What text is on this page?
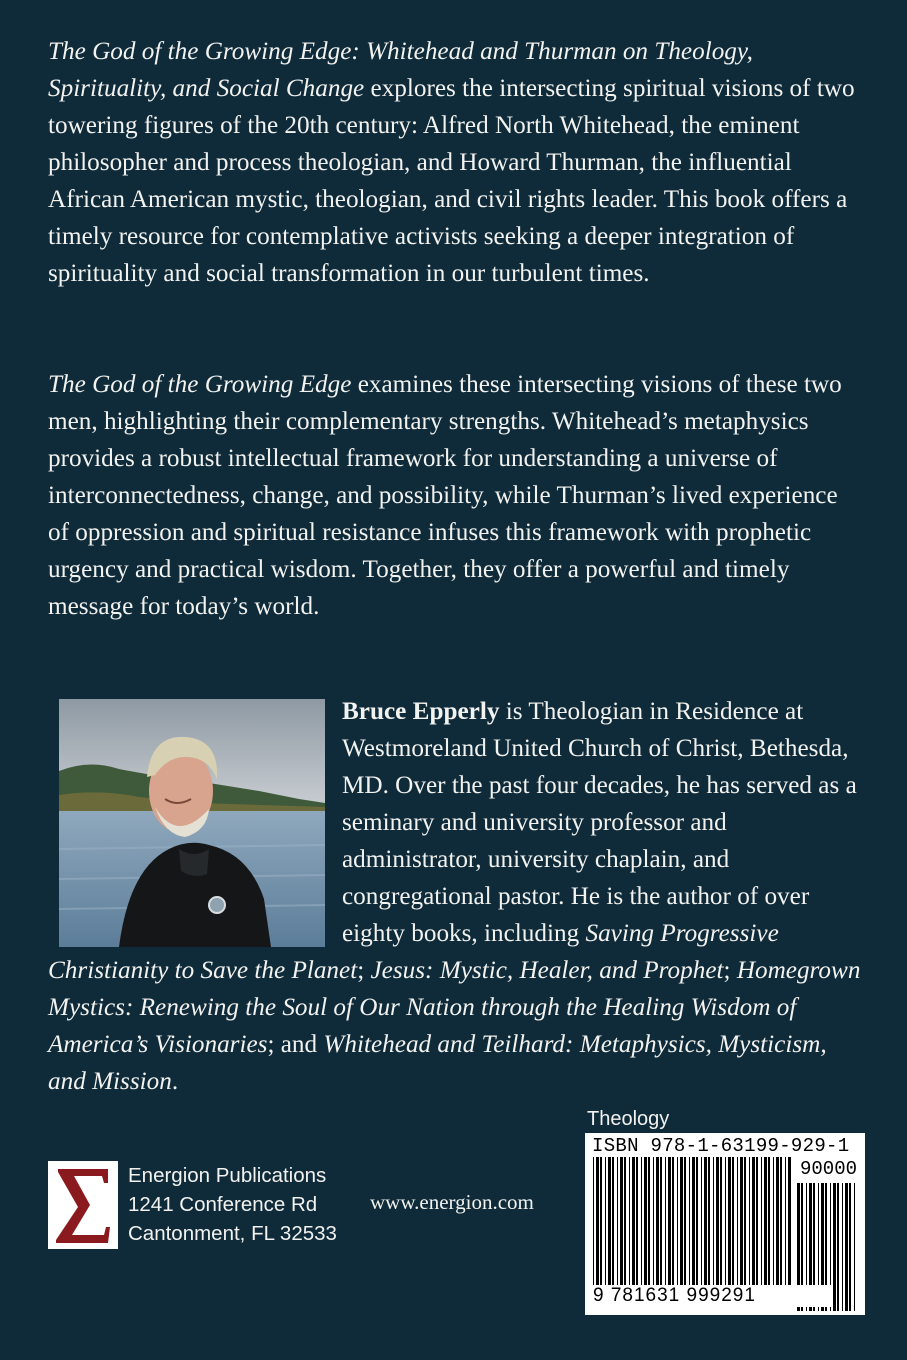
The God of the Growing Edge: Whitehead and Thurman on Theology, Spirituality, and Social Change explores the intersecting spiritual visions of two towering figures of the 20th century: Alfred North Whitehead, the eminent philosopher and process theologian, and Howard Thurman, the influential African American mystic, theologian, and civil rights leader. This book offers a timely resource for contemplative activists seeking a deeper integration of spirituality and social transformation in our turbulent times.

The God of the Growing Edge examines these intersecting visions of these two men, highlighting their complementary strengths. Whitehead’s metaphysics provides a robust intellectual framework for understanding a universe of interconnectedness, change, and possibility, while Thurman’s lived experience of oppression and spiritual resistance infuses this framework with prophetic urgency and practical wisdom. Together, they offer a powerful and timely message for today’s world.

Bruce Epperly is Theologian in Residence at Westmoreland United Church of Christ, Bethesda, MD. Over the past four decades, he has served as a seminary and university professor and administrator, university chaplain, and congregational pastor. He is the author of over eighty books, including Saving Progressive Christianity to Save the Planet; Jesus: Mystic, Healer, and Prophet; Homegrown Mystics: Renewing the Soul of Our Nation through the Healing Wisdom of America’s Visionaries; and Whitehead and Teilhard: Metaphysics, Mysticism, and Mission.

Energion Publications
1241 Conference Rd
Cantonment, FL 32533
www.energion.com
Theology
ISBN 978-1-63199-929-1
90000
9 781631 999291
